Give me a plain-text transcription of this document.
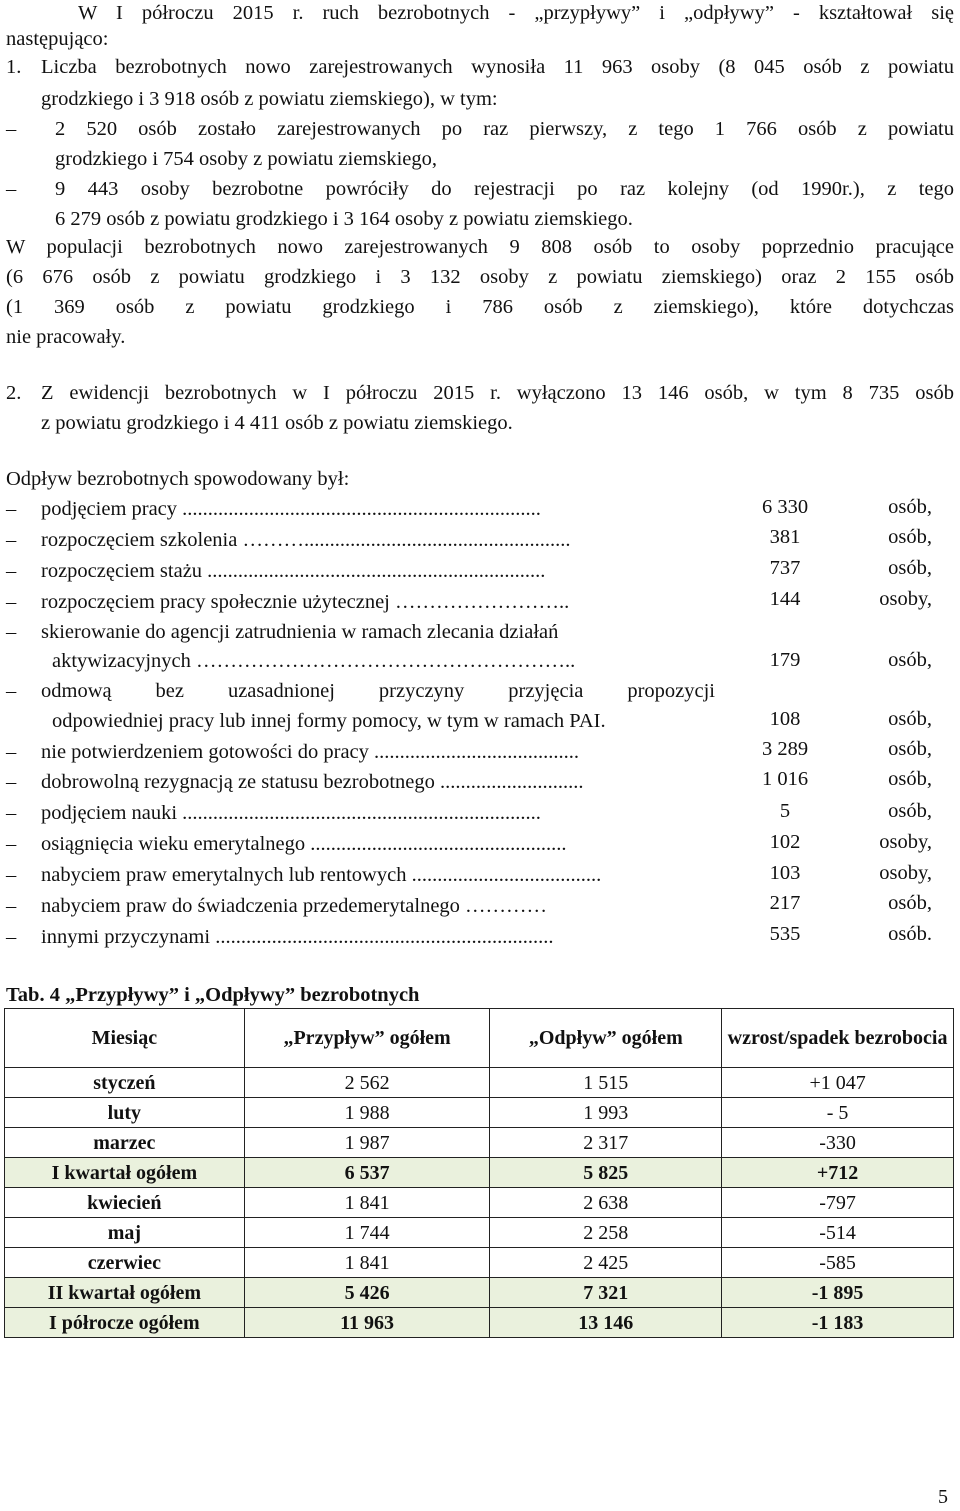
W I półroczu 2015 r. ruch bezrobotnych - „przypływy” i „odpływy” - kształtował się
następująco:
1. Liczba bezrobotnych nowo zarejestrowanych wynosiła 11 963 osoby (8 045 osób z powiatu
grodzkiego i 3 918 osób z powiatu ziemskiego), w tym:
–
2 520 osób zostało zarejestrowanych po raz pierwszy, z tego 1 766 osób z powiatu
grodzkiego i 754 osoby z powiatu ziemskiego,
–
9 443 osoby bezrobotne powróciły do rejestracji po raz kolejny (od 1990r.), z tego
6 279 osób z powiatu grodzkiego i 3 164 osoby z powiatu ziemskiego.
W populacji bezrobotnych nowo zarejestrowanych 9 808 osób to osoby poprzednio pracujące
(6 676 osób z powiatu grodzkiego i 3 132 osoby z powiatu ziemskiego) oraz 2 155 osób
(1 369 osób z powiatu grodzkiego i 786 osób z ziemskiego), które dotychczas
nie pracowały.
2. Z ewidencji bezrobotnych w I półroczu 2015 r. wyłączono 13 146 osób, w tym 8 735 osób
z powiatu grodzkiego i 4 411 osób z powiatu ziemskiego.
Odpływ bezrobotnych spowodowany był:
–
podjęciem pracy ......................................................................	6 330	osób,
–
rozpoczęciem szkolenia ………....................................................	381	osób,
–
rozpoczęciem stażu ..................................................................	737	osób,
–
rozpoczęciem pracy społecznie użytecznej ……………………..	144	osoby,
–
skierowanie do agencji zatrudnienia w ramach zlecania działań
aktywizacyjnych ………………………………………………..	179	osób,
–
odmową bez uzasadnionej przyczyny przyjęcia propozycji
odpowiedniej pracy lub innej formy pomocy, w tym w ramach PAI.	108	osób,
–
nie potwierdzeniem gotowości do pracy ........................................	3 289	osób,
–
dobrowolną rezygnacją ze statusu bezrobotnego ............................	1 016	osób,
–
podjęciem nauki ......................................................................	5	osób,
–
osiągnięcia wieku emerytalnego ..................................................	102	osoby,
–
nabyciem praw emerytalnych lub rentowych .....................................	103	osoby,
–
nabyciem praw do świadczenia przedemerytalnego …………	217	osób,
–
innymi przyczynami ..................................................................	535	osób.
Tab. 4 „Przypływy” i „Odpływy” bezrobotnych
Miesiąc	„Przypływ” ogółem	„Odpływ” ogółem	wzrost/spadek bezrobocia
styczeń	2 562	1 515	+1 047
luty	1 988	1 993	- 5
marzec	1 987	2 317	-330
I kwartał ogółem	6 537	5 825	+712
kwiecień	1 841	2 638	-797
maj	1 744	2 258	-514
czerwiec	1 841	2 425	-585
II kwartał ogółem	5 426	7 321	-1 895
I półrocze ogółem	11 963	13 146	-1 183
5
